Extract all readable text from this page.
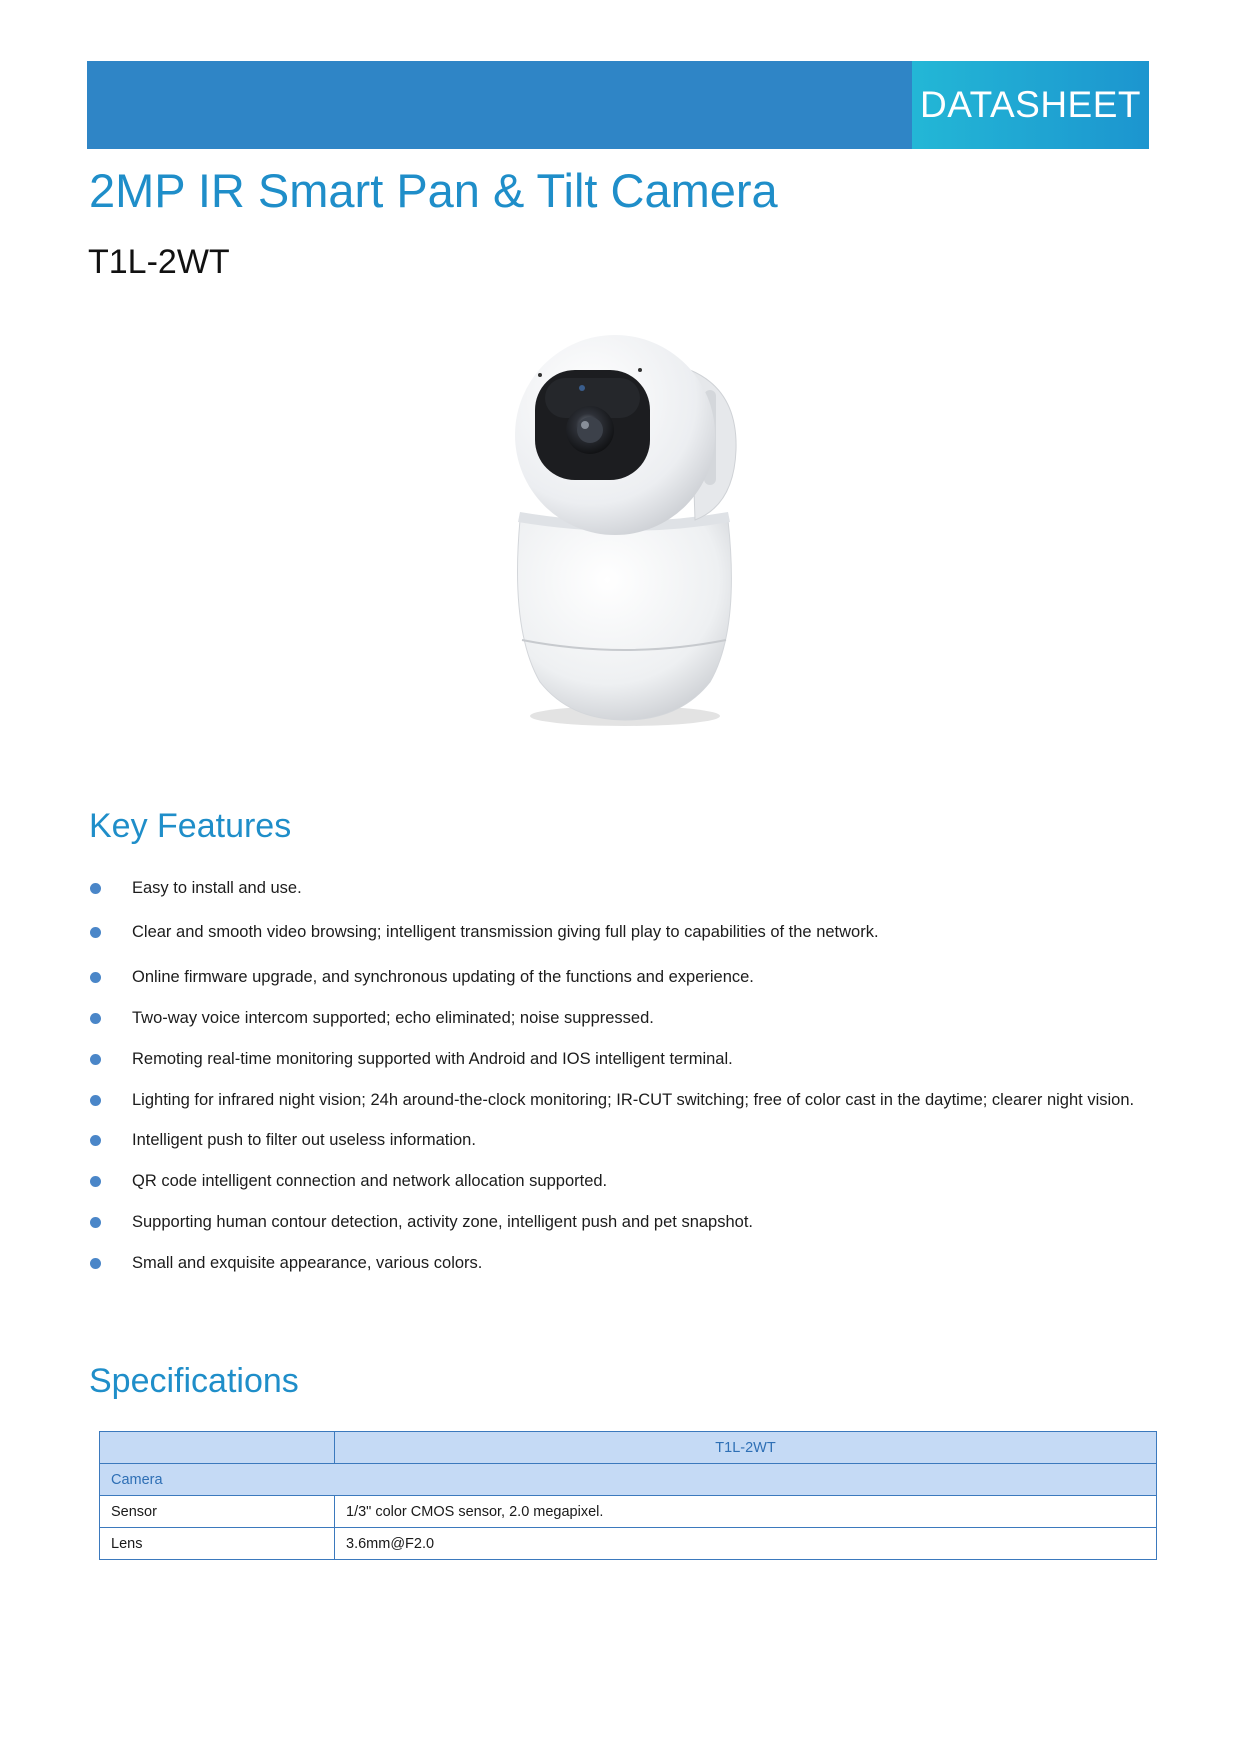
DATASHEET
2MP IR Smart Pan & Tilt Camera
T1L-2WT
Key Features
Easy to install and use.
Clear and smooth video browsing; intelligent transmission giving full play to capabilities of the network.
Online firmware upgrade, and synchronous updating of the functions and experience.
Two-way voice intercom supported; echo eliminated; noise suppressed.
Remoting real-time monitoring supported with Android and IOS intelligent terminal.
Lighting for infrared night vision; 24h around-the-clock monitoring; IR-CUT switching; free of color cast in the daytime; clearer night vision.
Intelligent push to filter out useless information.
QR code intelligent connection and network allocation supported.
Supporting human contour detection, activity zone, intelligent push and pet snapshot.
Small and exquisite appearance, various colors.
Specifications
	T1L-2WT
Camera	
Sensor	1/3" color CMOS sensor, 2.0 megapixel.
Lens	3.6mm@F2.0
